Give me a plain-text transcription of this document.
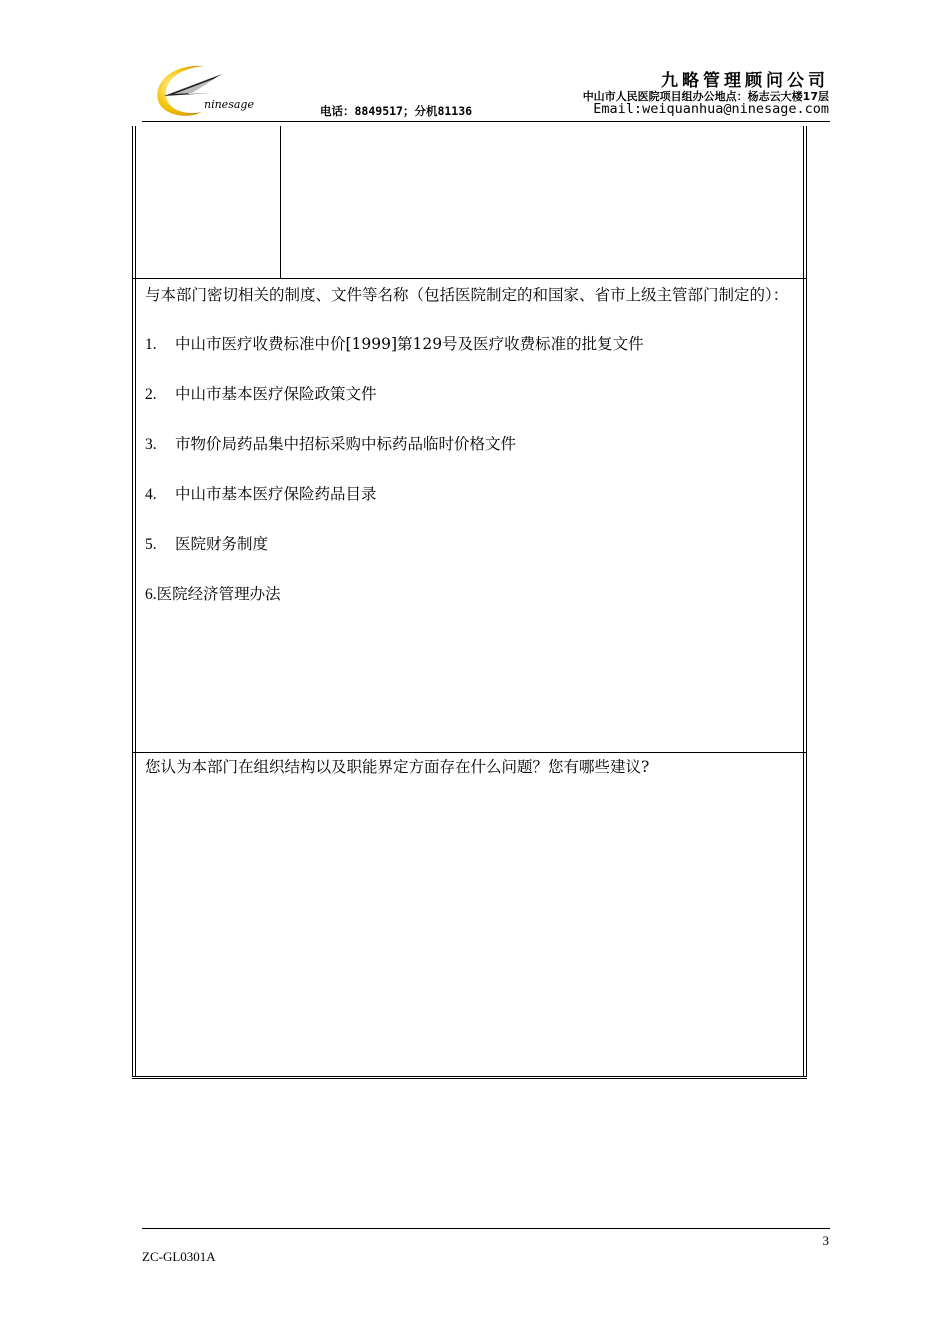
ninesage
九略管理顾问公司
中山市人民医院项目组办公地点：杨志云大楼17层
电话：8849517；分机81136	Email:weiquanhua@ninesage.com
与本部门密切相关的制度、文件等名称（包括医院制定的和国家、省市上级主管部门制定的）：
1. 中山市医疗收费标准中价[1999]第129号及医疗收费标准的批复文件
2. 中山市基本医疗保险政策文件
3. 市物价局药品集中招标采购中标药品临时价格文件
4. 中山市基本医疗保险药品目录
5. 医院财务制度
6.医院经济管理办法
您认为本部门在组织结构以及职能界定方面存在什么问题？您有哪些建议?
3
ZC-GL0301A
